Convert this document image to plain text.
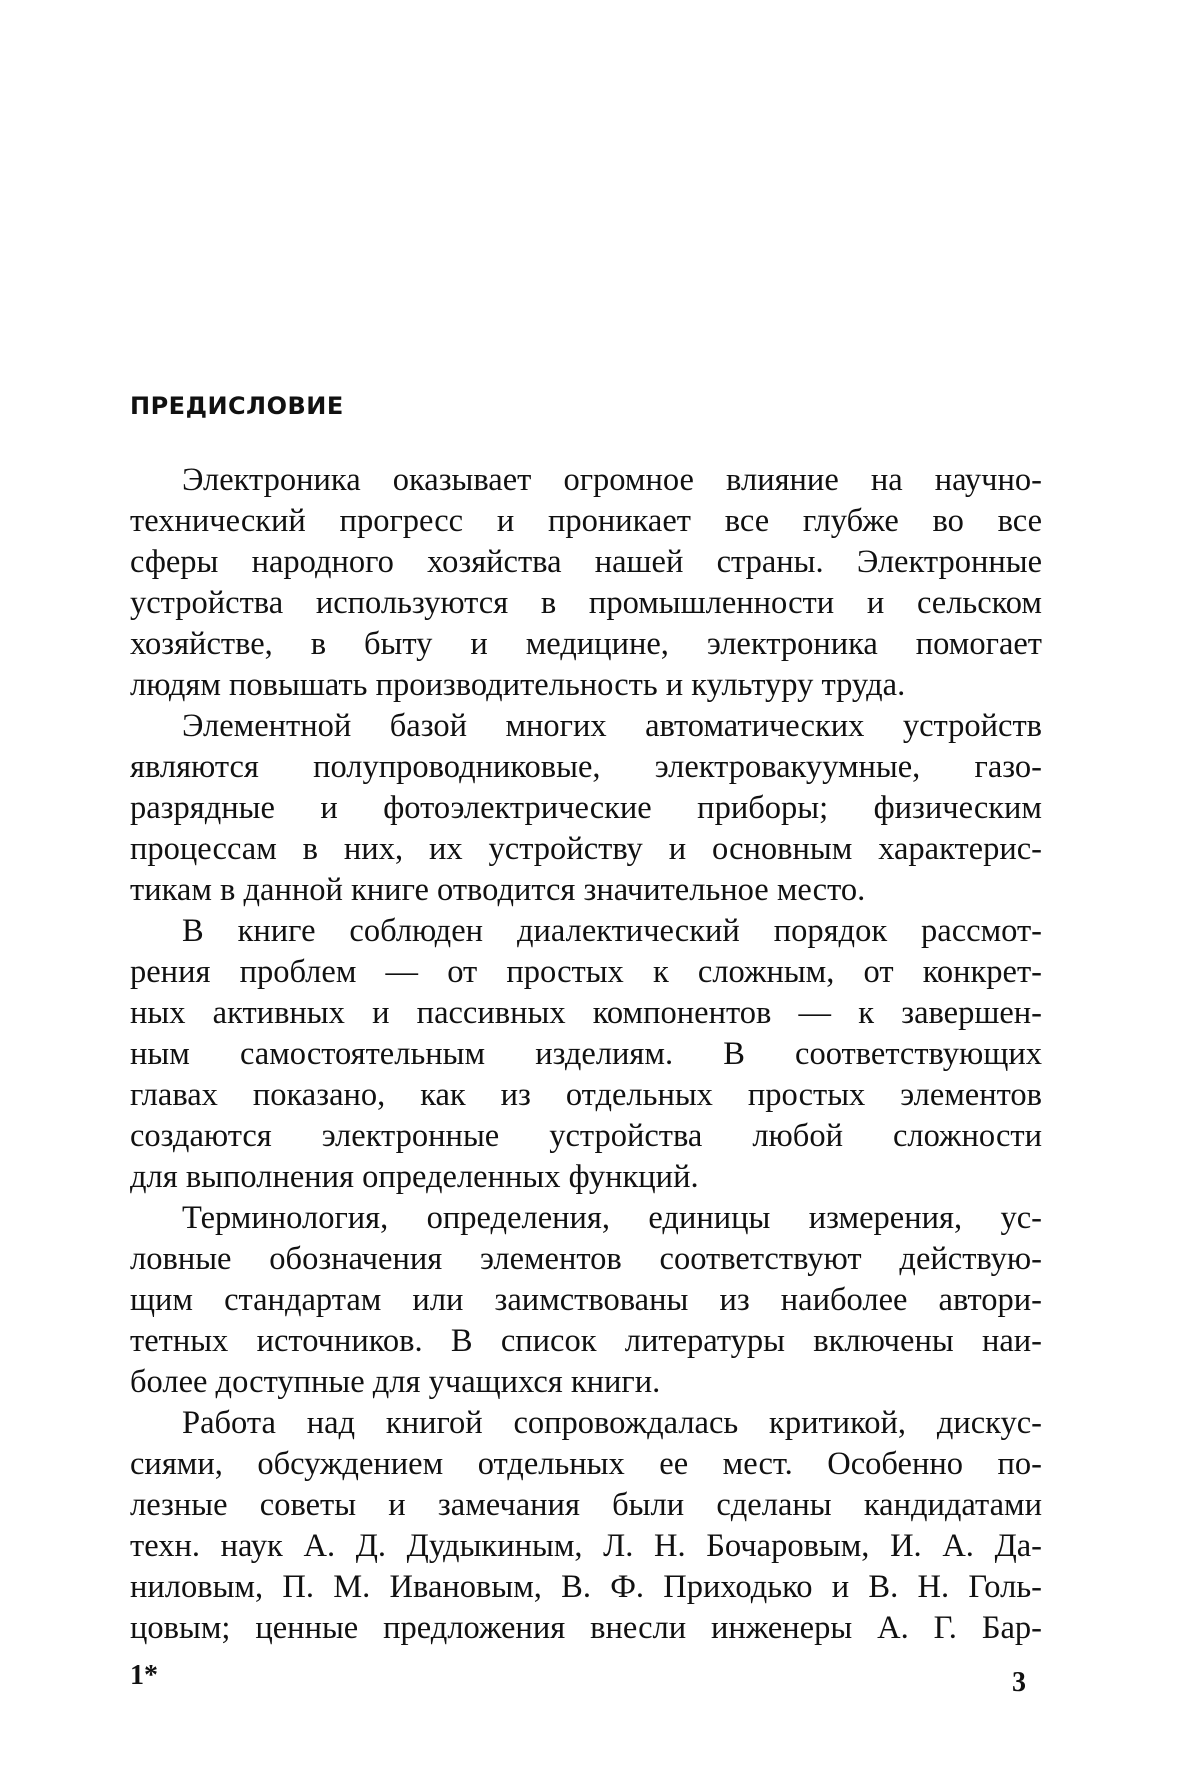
ПРЕДИСЛОВИЕ
Электроника оказывает огромное влияние на научно-
технический прогресс и проникает все глубже во все
сферы народного хозяйства нашей страны. Электронные
устройства используются в промышленности и сельском
хозяйстве, в быту и медицине, электроника помогает
людям повышать производительность и культуру труда.
Элементной базой многих автоматических устройств
являются полупроводниковые, электровакуумные, газо-
разрядные и фотоэлектрические приборы; физическим
процессам в них, их устройству и основным характерис-
тикам в данной книге отводится значительное место.
В книге соблюден диалектический порядок рассмот-
рения проблем — от простых к сложным, от конкрет-
ных активных и пассивных компонентов — к завершен-
ным самостоятельным изделиям. В соответствующих
главах показано, как из отдельных простых элементов
создаются электронные устройства любой сложности
для выполнения определенных функций.
Терминология, определения, единицы измерения, ус-
ловные обозначения элементов соответствуют действую-
щим стандартам или заимствованы из наиболее автори-
тетных источников. В список литературы включены наи-
более доступные для учащихся книги.
Работа над книгой сопровождалась критикой, дискус-
сиями, обсуждением отдельных ее мест. Особенно по-
лезные советы и замечания были сделаны кандидатами
техн. наук А. Д. Дудыкиным, Л. Н. Бочаровым, И. А. Да-
ниловым, П. М. Ивановым, В. Ф. Приходько и В. Н. Голь-
цовым; ценные предложения внесли инженеры А. Г. Бар-
1*	3
